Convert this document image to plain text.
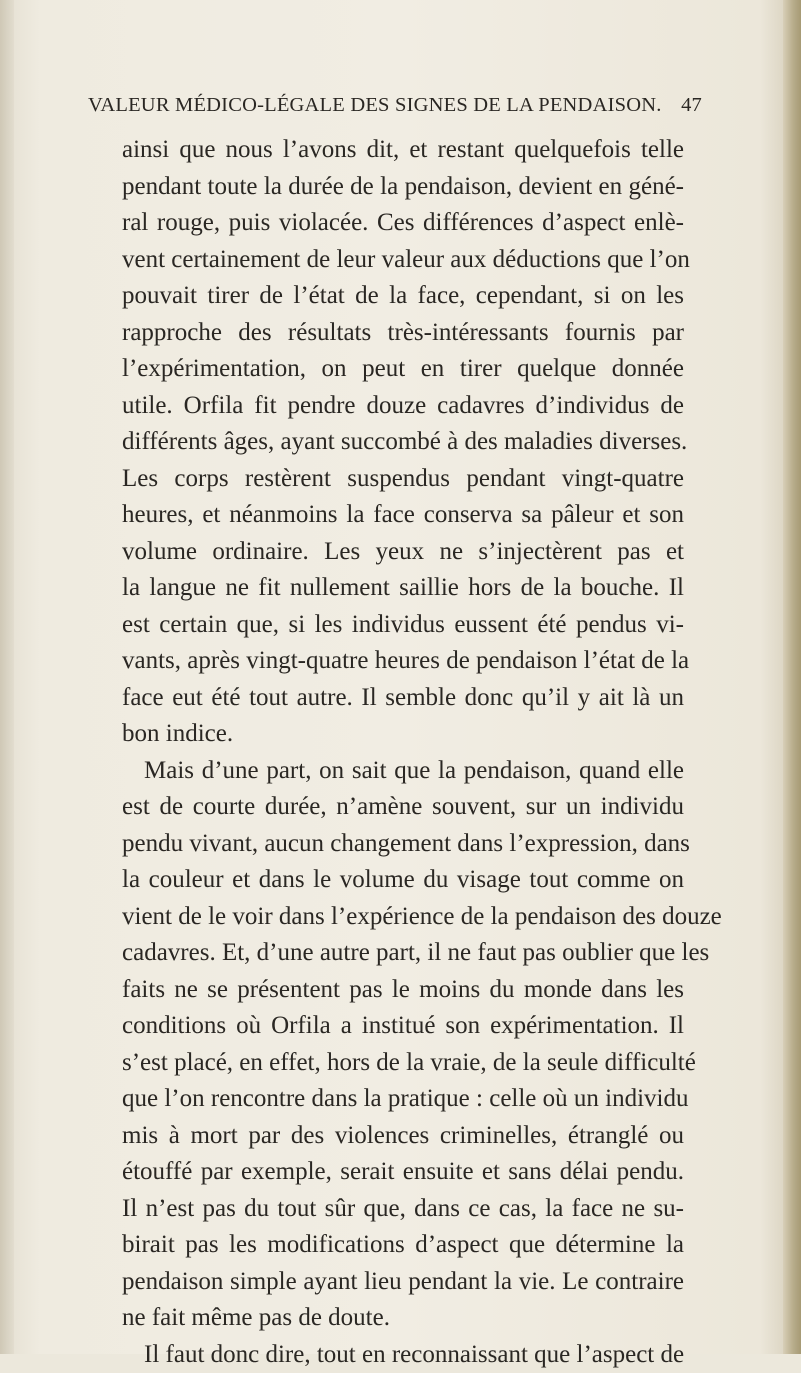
VALEUR MÉDICO-LÉGALE DES SIGNES DE LA PENDAISON. 47
ainsi que nous l’avons dit, et restant quelquefois telle
pendant toute la durée de la pendaison, devient en géné-
ral rouge, puis violacée. Ces différences d’aspect enlè-
vent certainement de leur valeur aux déductions que l’on
pouvait tirer de l’état de la face, cependant, si on les
rapproche des résultats très-intéressants fournis par
l’expérimentation, on peut en tirer quelque donnée
utile. Orfila fit pendre douze cadavres d’individus de
différents âges, ayant succombé à des maladies diverses.
Les corps restèrent suspendus pendant vingt-quatre
heures, et néanmoins la face conserva sa pâleur et son
volume ordinaire. Les yeux ne s’injectèrent pas et
la langue ne fit nullement saillie hors de la bouche. Il
est certain que, si les individus eussent été pendus vi-
vants, après vingt-quatre heures de pendaison l’état de la
face eut été tout autre. Il semble donc qu’il y ait là un
bon indice.
Mais d’une part, on sait que la pendaison, quand elle
est de courte durée, n’amène souvent, sur un individu
pendu vivant, aucun changement dans l’expression, dans
la couleur et dans le volume du visage tout comme on
vient de le voir dans l’expérience de la pendaison des douze
cadavres. Et, d’une autre part, il ne faut pas oublier que les
faits ne se présentent pas le moins du monde dans les
conditions où Orfila a institué son expérimentation. Il
s’est placé, en effet, hors de la vraie, de la seule difficulté
que l’on rencontre dans la pratique : celle où un individu
mis à mort par des violences criminelles, étranglé ou
étouffé par exemple, serait ensuite et sans délai pendu.
Il n’est pas du tout sûr que, dans ce cas, la face ne su-
birait pas les modifications d’aspect que détermine la
pendaison simple ayant lieu pendant la vie. Le contraire
ne fait même pas de doute.
Il faut donc dire, tout en reconnaissant que l’aspect de
